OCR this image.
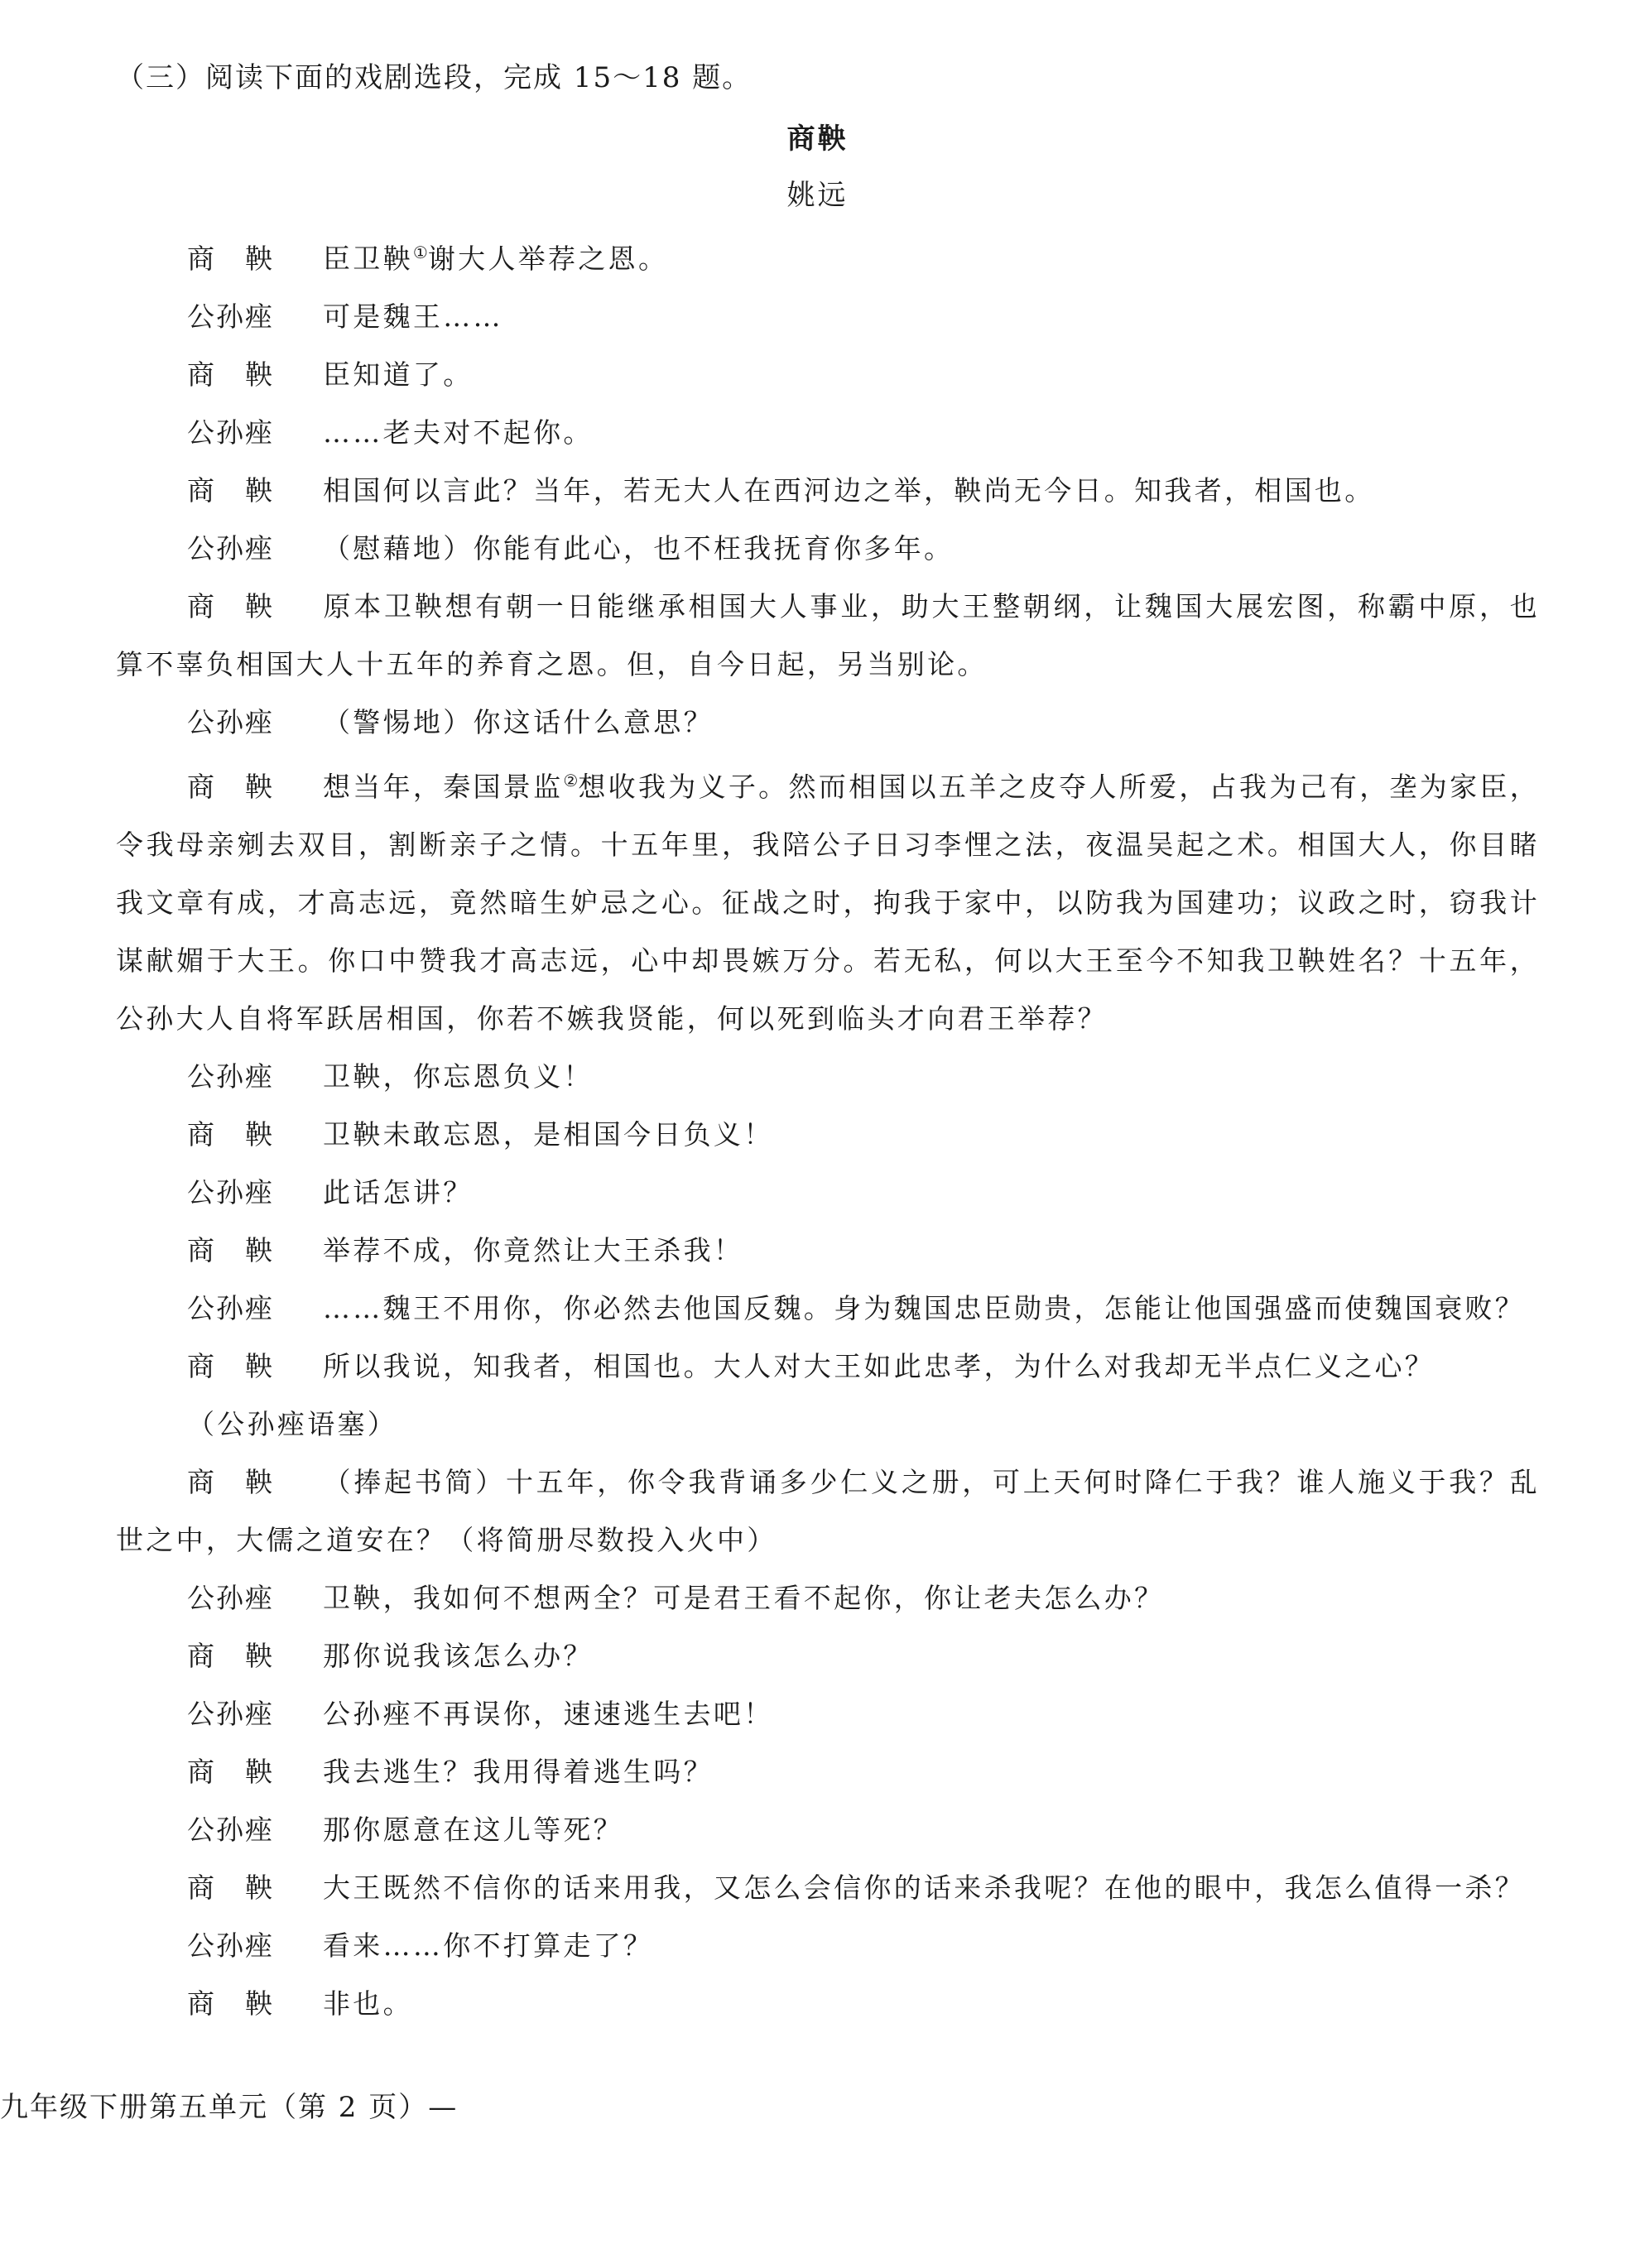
（三）阅读下面的戏剧选段，完成 15～18 题。
商鞅
姚远

商　鞅 臣卫鞅①谢大人举荐之恩。

公孙痤 可是魏王……

商　鞅 臣知道了。

公孙痤 ……老夫对不起你。

商　鞅 相国何以言此？当年，若无大人在西河边之举，鞅尚无今日。知我者，相国也。

公孙痤 （慰藉地）你能有此心，也不枉我抚育你多年。

商　鞅 原本卫鞅想有朝一日能继承相国大人事业，助大王整朝纲，让魏国大展宏图，称霸中原，也算不辜负相国大人十五年的养育之恩。但，自今日起，另当别论。

公孙痤 （警惕地）你这话什么意思？

商　鞅 想当年，秦国景监②想收我为义子。然而相国以五羊之皮夺人所爱，占我为己有，垄为家臣，令我母亲剜去双目，割断亲子之情。十五年里，我陪公子日习李悝之法，夜温吴起之术。相国大人，你目睹我文章有成，才高志远，竟然暗生妒忌之心。征战之时，拘我于家中，以防我为国建功；议政之时，窃我计谋献媚于大王。你口中赞我才高志远，心中却畏嫉万分。若无私，何以大王至今不知我卫鞅姓名？十五年，公孙大人自将军跃居相国，你若不嫉我贤能，何以死到临头才向君王举荐？

公孙痤 卫鞅，你忘恩负义！

商　鞅 卫鞅未敢忘恩，是相国今日负义！

公孙痤 此话怎讲？

商　鞅 举荐不成，你竟然让大王杀我！

公孙痤 ……魏王不用你，你必然去他国反魏。身为魏国忠臣勋贵，怎能让他国强盛而使魏国衰败？

商　鞅 所以我说，知我者，相国也。大人对大王如此忠孝，为什么对我却无半点仁义之心？

（公孙痤语塞）

商　鞅 （捧起书简）十五年，你令我背诵多少仁义之册，可上天何时降仁于我？谁人施义于我？乱世之中，大儒之道安在？（将简册尽数投入火中）

公孙痤 卫鞅，我如何不想两全？可是君王看不起你，你让老夫怎么办？

商　鞅 那你说我该怎么办？

公孙痤 公孙痤不再误你，速速逃生去吧！

商　鞅 我去逃生？我用得着逃生吗？

公孙痤 那你愿意在这儿等死？

商　鞅 大王既然不信你的话来用我，又怎么会信你的话来杀我呢？在他的眼中，我怎么值得一杀？

公孙痤 看来……你不打算走了？

商　鞅 非也。

九年级下册第五单元（第 2 页）—
